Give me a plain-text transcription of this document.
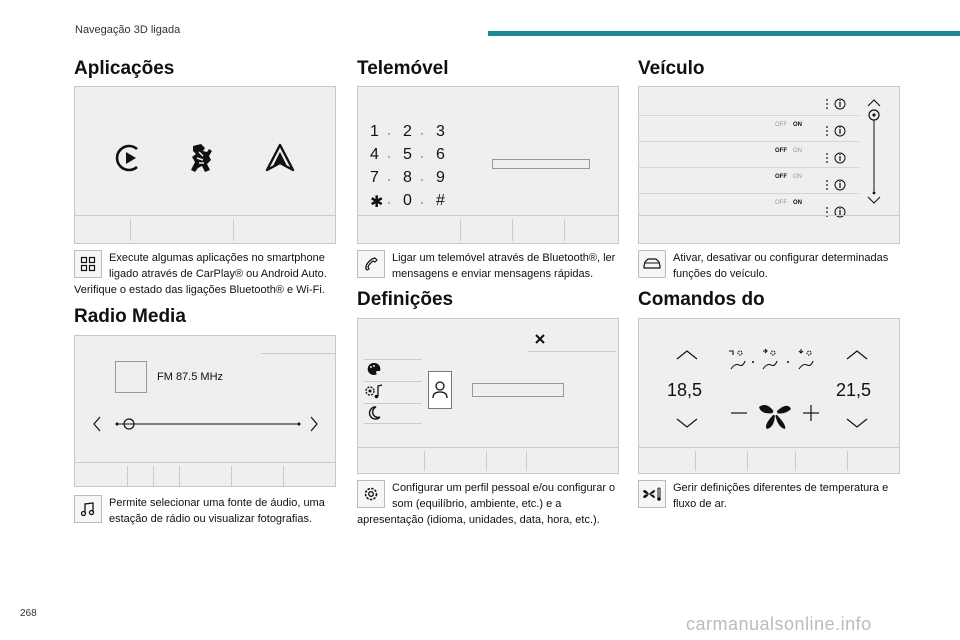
Navegação 3D ligada
Aplicações

Execute algumas aplicações no smartphone ligado através de CarPlay® ou Android Auto. Verifique o estado das ligações Bluetooth® e Wi-Fi.

Radio Media
FM 87.5 MHz

Permite selecionar uma fonte de áudio, uma estação de rádio ou visualizar fotografias.

Telemóvel
1 · 2 · 3
4 · 5 · 6
7 · 8 · 9
✱ · 0 · #

Ligar um telemóvel através de Bluetooth®, ler mensagens e enviar mensagens rápidas.

Definições

Configurar um perfil pessoal e/ou configurar o som (equilíbrio, ambiente, etc.) e a apresentação (idioma, unidades, data, hora, etc.).

Veículo
OFF ON
OFF ON
OFF ON
OFF ON

Ativar, desativar ou configurar determinadas funções do veículo.

Comandos do
18,5	21,5

Gerir definições diferentes de temperatura e fluxo de ar.

268
carmanualsonline.info
